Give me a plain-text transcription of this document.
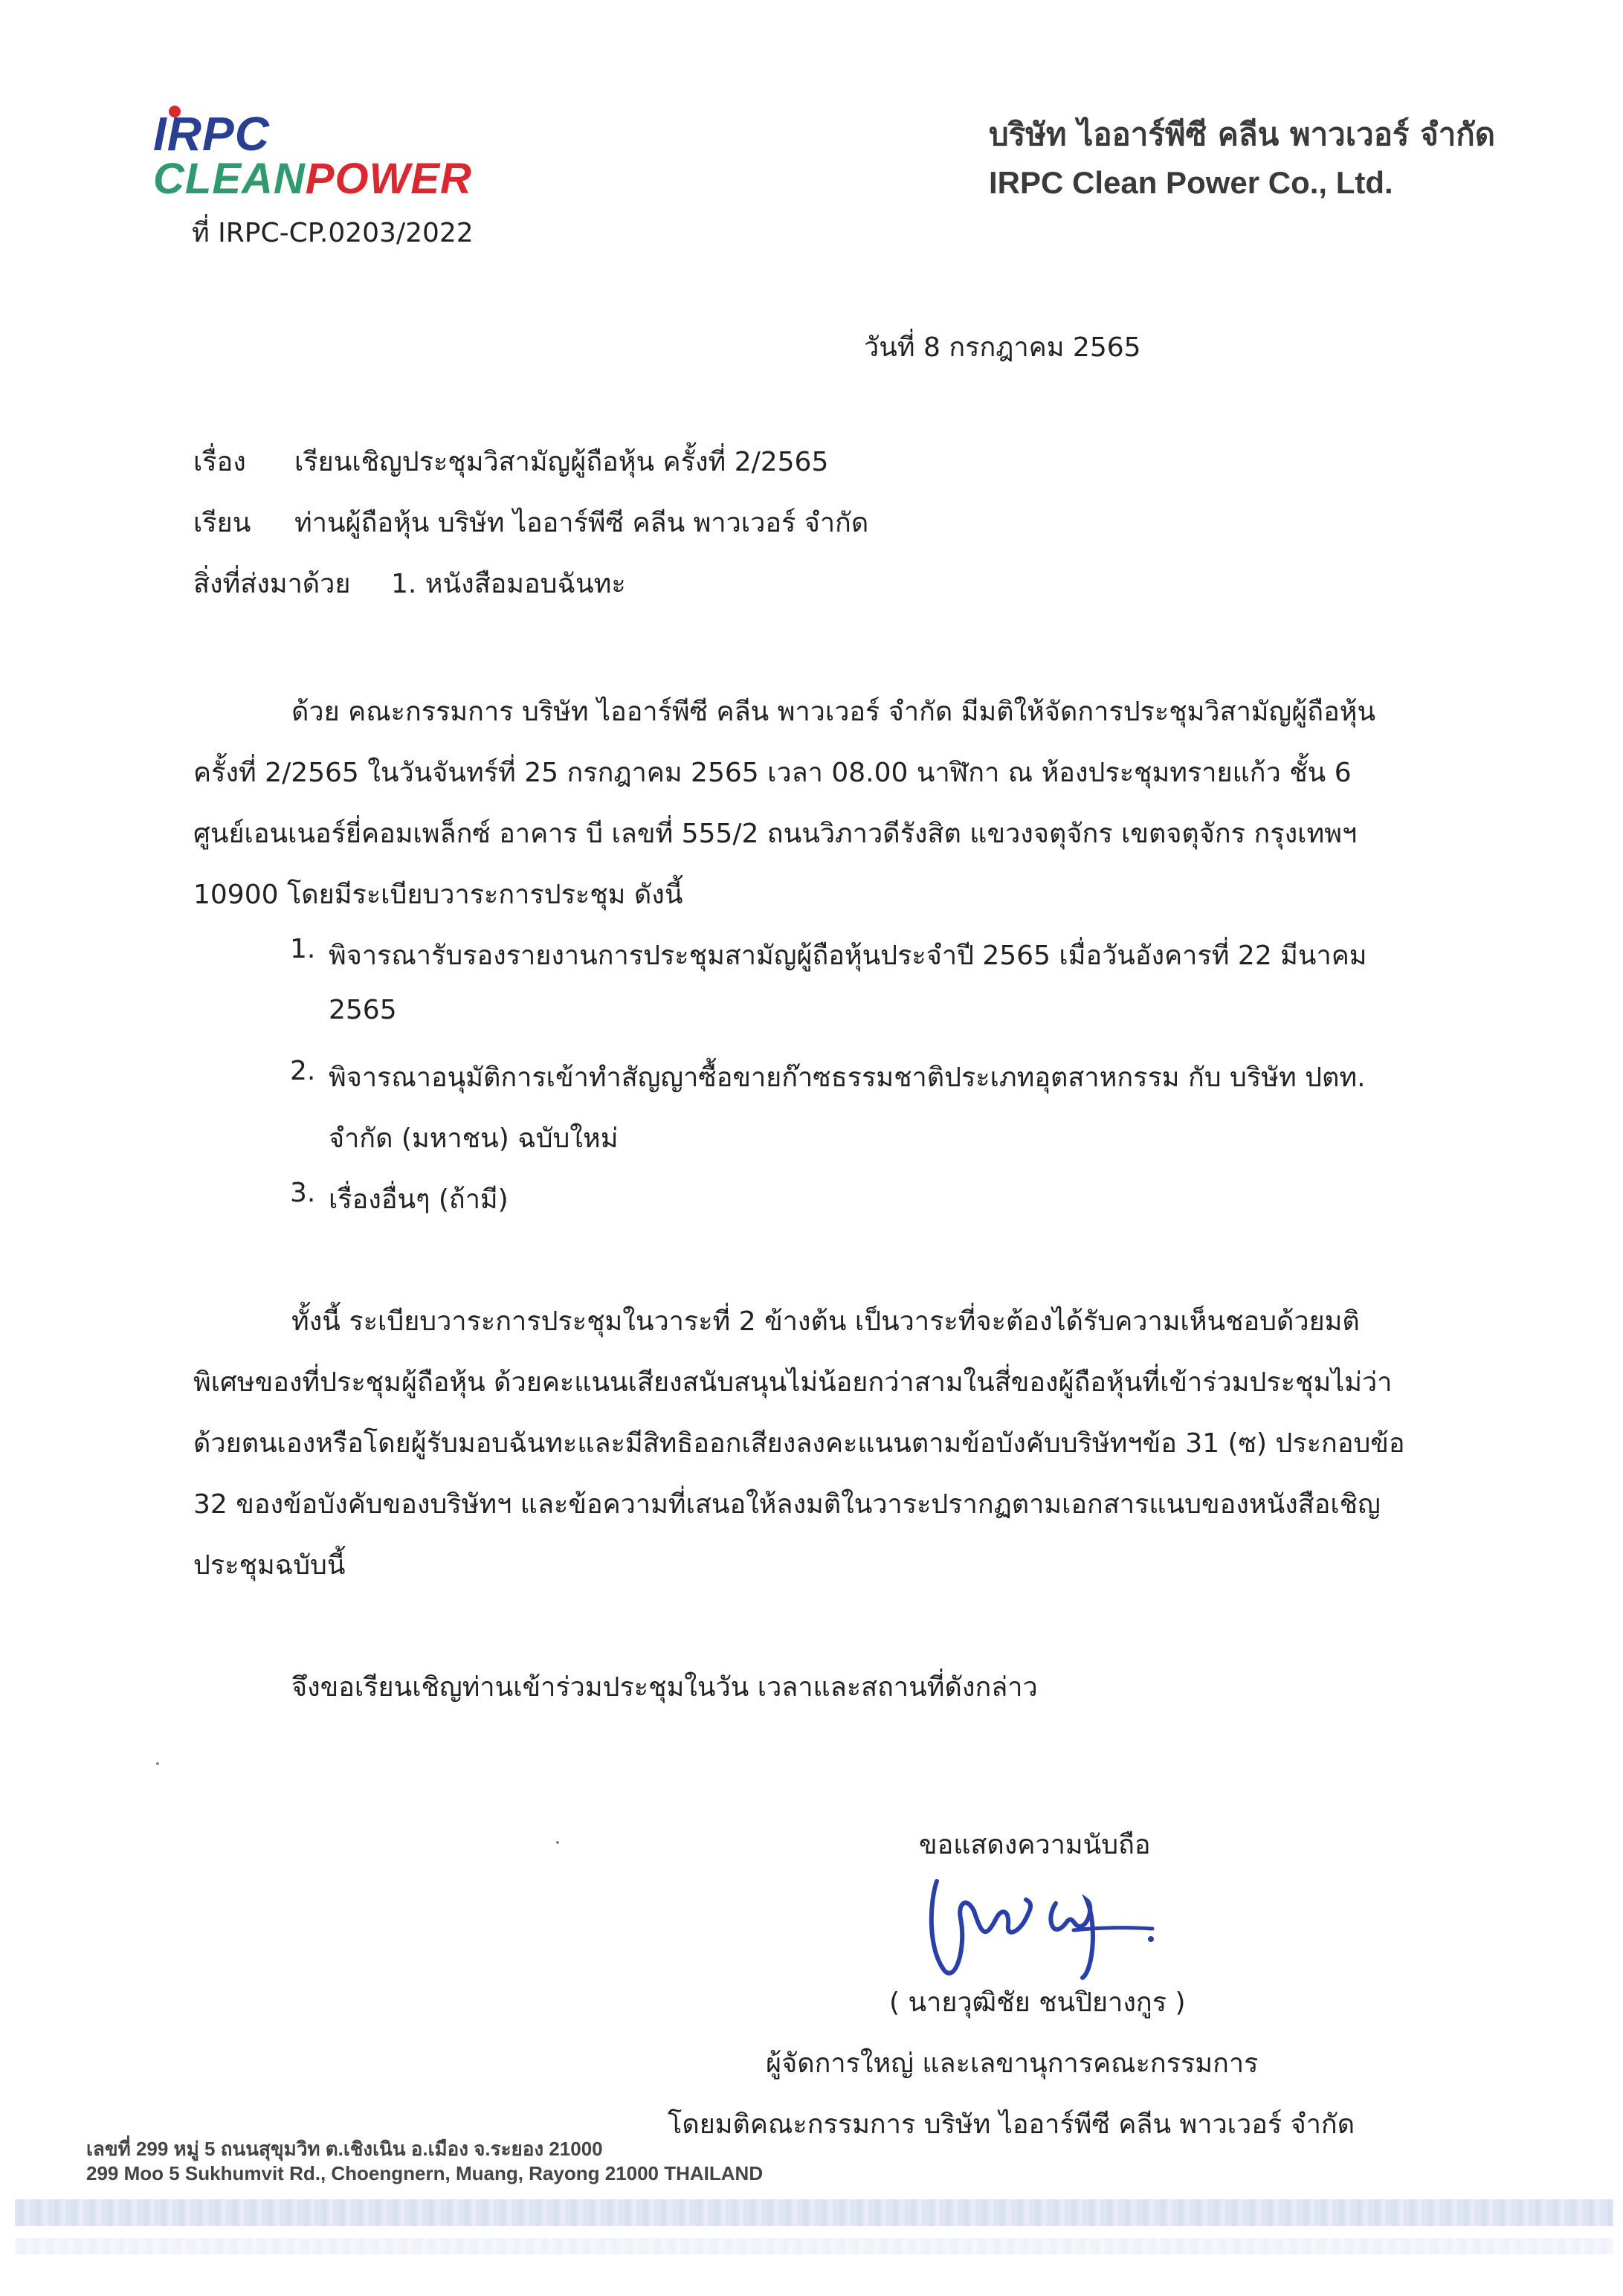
IRPC
CLEANPOWER
บริษัท ไออาร์พีซี คลีน พาวเวอร์ จำกัด
IRPC Clean Power Co., Ltd.
ที่ IRPC-CP.0203/2022
วันที่ 8 กรกฎาคม 2565
เรื่อง เรียนเชิญประชุมวิสามัญผู้ถือหุ้น ครั้งที่ 2/2565
เรียน ท่านผู้ถือหุ้น บริษัท ไออาร์พีซี คลีน พาวเวอร์ จำกัด
สิ่งที่ส่งมาด้วย 1. หนังสือมอบฉันทะ
ด้วย คณะกรรมการ บริษัท ไออาร์พีซี คลีน พาวเวอร์ จำกัด มีมติให้จัดการประชุมวิสามัญผู้ถือหุ้น
ครั้งที่ 2/2565 ในวันจันทร์ที่ 25 กรกฎาคม 2565 เวลา 08.00 นาฬิกา ณ ห้องประชุมทรายแก้ว ชั้น 6
ศูนย์เอนเนอร์ยี่คอมเพล็กซ์ อาคาร บี เลขที่ 555/2 ถนนวิภาวดีรังสิต แขวงจตุจักร เขตจตุจักร กรุงเทพฯ
10900 โดยมีระเบียบวาระการประชุม ดังนี้
1. พิจารณารับรองรายงานการประชุมสามัญผู้ถือหุ้นประจำปี 2565 เมื่อวันอังคารที่ 22 มีนาคม
2565
2. พิจารณาอนุมัติการเข้าทำสัญญาซื้อขายก๊าซธรรมชาติประเภทอุตสาหกรรม กับ บริษัท ปตท.
จำกัด (มหาชน) ฉบับใหม่
3. เรื่องอื่นๆ (ถ้ามี)
ทั้งนี้ ระเบียบวาระการประชุมในวาระที่ 2 ข้างต้น เป็นวาระที่จะต้องได้รับความเห็นชอบด้วยมติ
พิเศษของที่ประชุมผู้ถือหุ้น ด้วยคะแนนเสียงสนับสนุนไม่น้อยกว่าสามในสี่ของผู้ถือหุ้นที่เข้าร่วมประชุมไม่ว่า
ด้วยตนเองหรือโดยผู้รับมอบฉันทะและมีสิทธิออกเสียงลงคะแนนตามข้อบังคับบริษัทฯข้อ 31 (ซ) ประกอบข้อ
32 ของข้อบังคับของบริษัทฯ และข้อความที่เสนอให้ลงมติในวาระปรากฏตามเอกสารแนบของหนังสือเชิญ
ประชุมฉบับนี้
จึงขอเรียนเชิญท่านเข้าร่วมประชุมในวัน เวลาและสถานที่ดังกล่าว
ขอแสดงความนับถือ
( นายวุฒิชัย ชนปิยางกูร )
ผู้จัดการใหญ่ และเลขานุการคณะกรรมการ
โดยมติคณะกรรมการ บริษัท ไออาร์พีซี คลีน พาวเวอร์ จำกัด
เลขที่ 299 หมู่ 5 ถนนสุขุมวิท ต.เชิงเนิน อ.เมือง จ.ระยอง 21000
299 Moo 5 Sukhumvit Rd., Choengnern, Muang, Rayong 21000 THAILAND
